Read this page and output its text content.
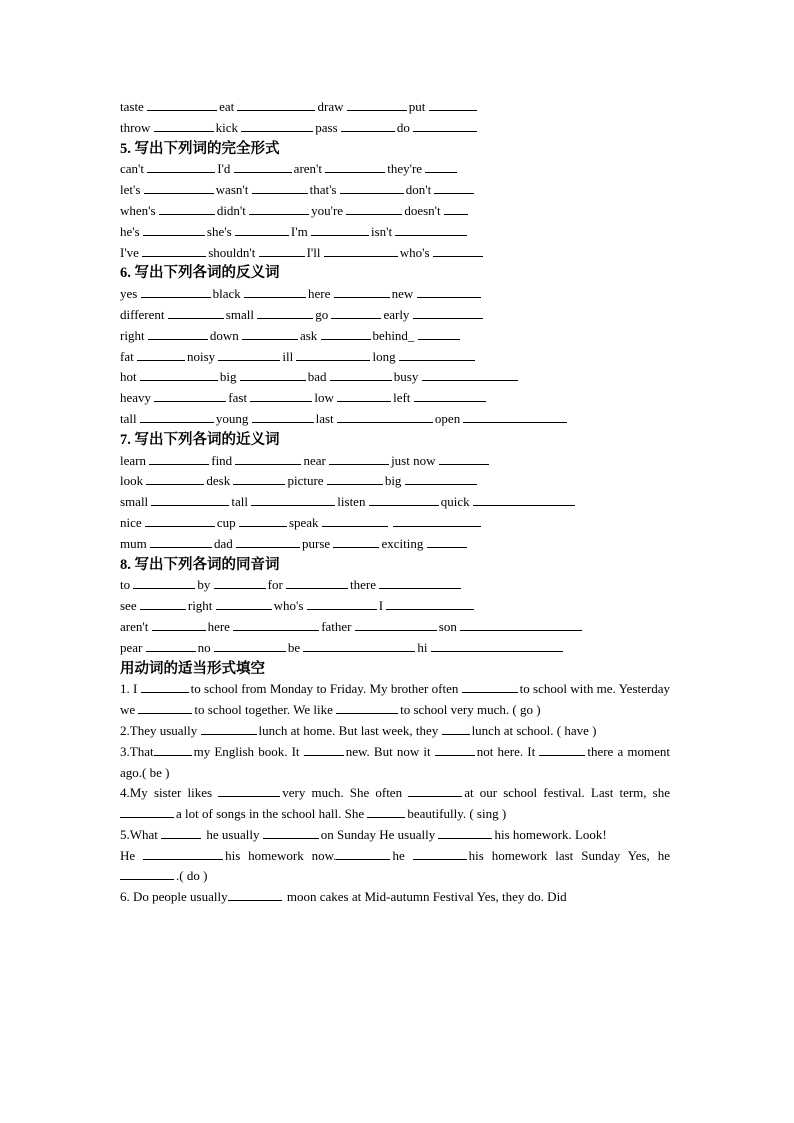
taste	eat	draw	put
throw	kick	pass	do
5. 写出下列词的完全形式
can't	I'd	aren't	they're
let's	wasn't	that's	don't
when's	didn't	you're	doesn't
he's	she's	I'm	isn't
I've	shouldn't	I'll	who's
6. 写出下列各词的反义词
yes	black	here	new
different	small	go	early
right	down	ask	behind_
fat	noisy	ill	long
hot	big	bad	busy
heavy	fast	low	left
tall	young	last	open
7. 写出下列各词的近义词
learn	find	near	just now
look	desk	picture	big
small	tall	listen	quick
nice	cup	speak
mum	dad	purse	exciting
8. 写出下列各词的同音词
to	by	for	there
see	right	who's	I
aren't	here	father	son
pear	no	be	hi
用动词的适当形式填空
1. I	to school from Monday to Friday. My brother often	to school with me. Yesterday we	to school together. We like	to school very much. ( go )
2.They usually	lunch at home. But last week, they lunch at school. ( have )
3.That	my English book. It	new. But now it	not here. It	there a moment ago.( be )
4.My sister likes	very much. She often	at our school festival. Last term, she a lot of songs in the school hall. She	beautifully. ( sing )
5.What	he usually	on Sunday He usually	his homework. Look!
He	his homework now.	he	his homework last Sunday Yes, he.( do )
6. Do people usually	moon cakes at Mid-autumn Festival Yes, they do. Did
